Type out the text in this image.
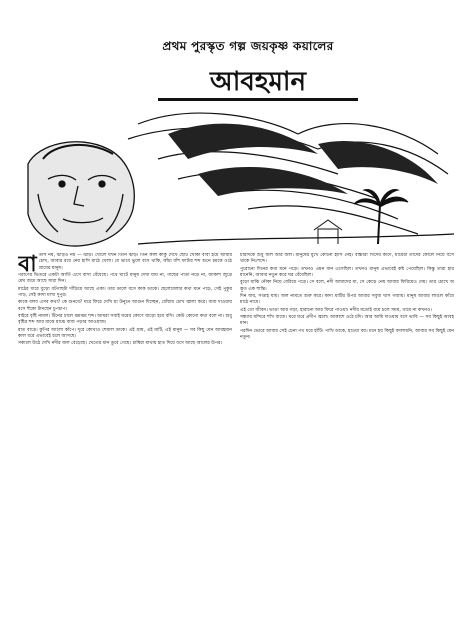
প্রথম পুরস্কৃত গল্প জয়কৃষ্ণ কয়ালের
আবহমান

বাতাস নয়, ঝাড়ও নয় — ঝাড়। খোলে যখন তিনি ঝাড়। তিন কাল কাকু দেখে ছোট খোকা বাবা হয়ে আমার চোখ, আবার রয়ে নেয় হাসি মাঠে খেলা। যে ভাবে ভুলে বসে থাকি, কাঁচা বাঁশ ফাটার শব্দ শুনে চমকে ওঠে গ্রামের মানুষ।

পরাণের ভিতরে একটা আর্তি এসে বাসা বেঁধেছে। পথে ঘাটে মানুষ দেখা যায় না, গাছের পাতা নড়ে না, আকাশ জুড়ে মেঘ জমে আছে সারা দিন।

মাঠের ধারে বুড়ো বটগাছটা দাঁড়িয়ে আছে একা। তার ডালে বসে কাক ডাকে। ছেলেবেলার কথা মনে পড়ে, সেই পুকুর পাড়, সেই কাদা মাখা দুপুর।

কাকে বলব এসব কথা? কে শুনবে? ঘরে ফিরে দেখি মা উনুনে আগুন দিচ্ছেন, ধোঁয়ায় চোখ জ্বালা করে। বাবা দাওয়ায় বসে হুঁকো টানছেন চুপচাপ।

বাইরে বৃষ্টি নামল। টিনের চালে ঝমঝম শব্দ। আমরা সবাই ঘরের কোণে জড়ো হয়ে বসি। কেউ কোনো কথা বলে না। শুধু বৃষ্টির শব্দ আর মাঝে মাঝে বাজ পড়ার আওয়াজ।

রাত বাড়ে। কুপির আলো কাঁপে। দূরে কোথাও শেয়াল ডাকে। এই গ্রাম, এই মাটি, এই মানুষ — সব কিছু যেন আবহমান কাল ধরে এভাবেই চলে আসছে।

সকালে উঠে দেখি নদীর জল বেড়েছে। খেতের ধান ডুবে গেছে। চাষিরা মাথায় হাত দিয়ে বসে আছে আলের উপর।

চারদিকে শুধু জল আর জল। মানুষের মুখে কোনো হাসি নেই। বাচ্চারা খিদেয় কাঁদে, মায়েরা তাদের কোলে নিয়ে বসে থাকে নিঃশব্দে।

পুরোনো দিনের কথা মনে পড়ে। তখনও এমন বান এসেছিল। তখনও মানুষ এভাবেই কষ্ট পেয়েছিল। কিন্তু তারা হার মানেনি, আবার নতুন করে ঘর বেঁধেছিল।

বুড়ো মাঝি নৌকা নিয়ে বেরিয়ে পড়ে। সে বলে, নদী আমাদের মা, সে কেড়ে নেয় আবার ফিরিয়েও দেয়। তার চোখে অদ্ভুত এক শান্তি।

দিন যায়, সপ্তাহ যায়। জল নামতে শুরু করে। কাদা মাটির উপর আবার সবুজ ঘাস গজায়। মানুষ আবার লাঙল কাঁধে মাঠে নামে।

এই তো জীবন। ভাঙা আর গড়া, হারানো আর ফিরে পাওয়া। নদীর মতোই বয়ে চলে সময়, থামে না কখনও।

সন্ধ্যায় মন্দিরে শাঁখ বাজে। ঘরে ঘরে প্রদীপ জ্বলে। আকাশে ওঠে চাঁদ। আর আমি দাওয়ায় বসে ভাবি — সব কিছুই আবহমান।

পরদিন ভোরে আবার সেই চেনা পথ ধরে হাঁটি। পাখি ডাকে, হাওয়া বয়। মনে হয় কিছুই বদলায়নি, আবার সব কিছুই যেন নতুন।
